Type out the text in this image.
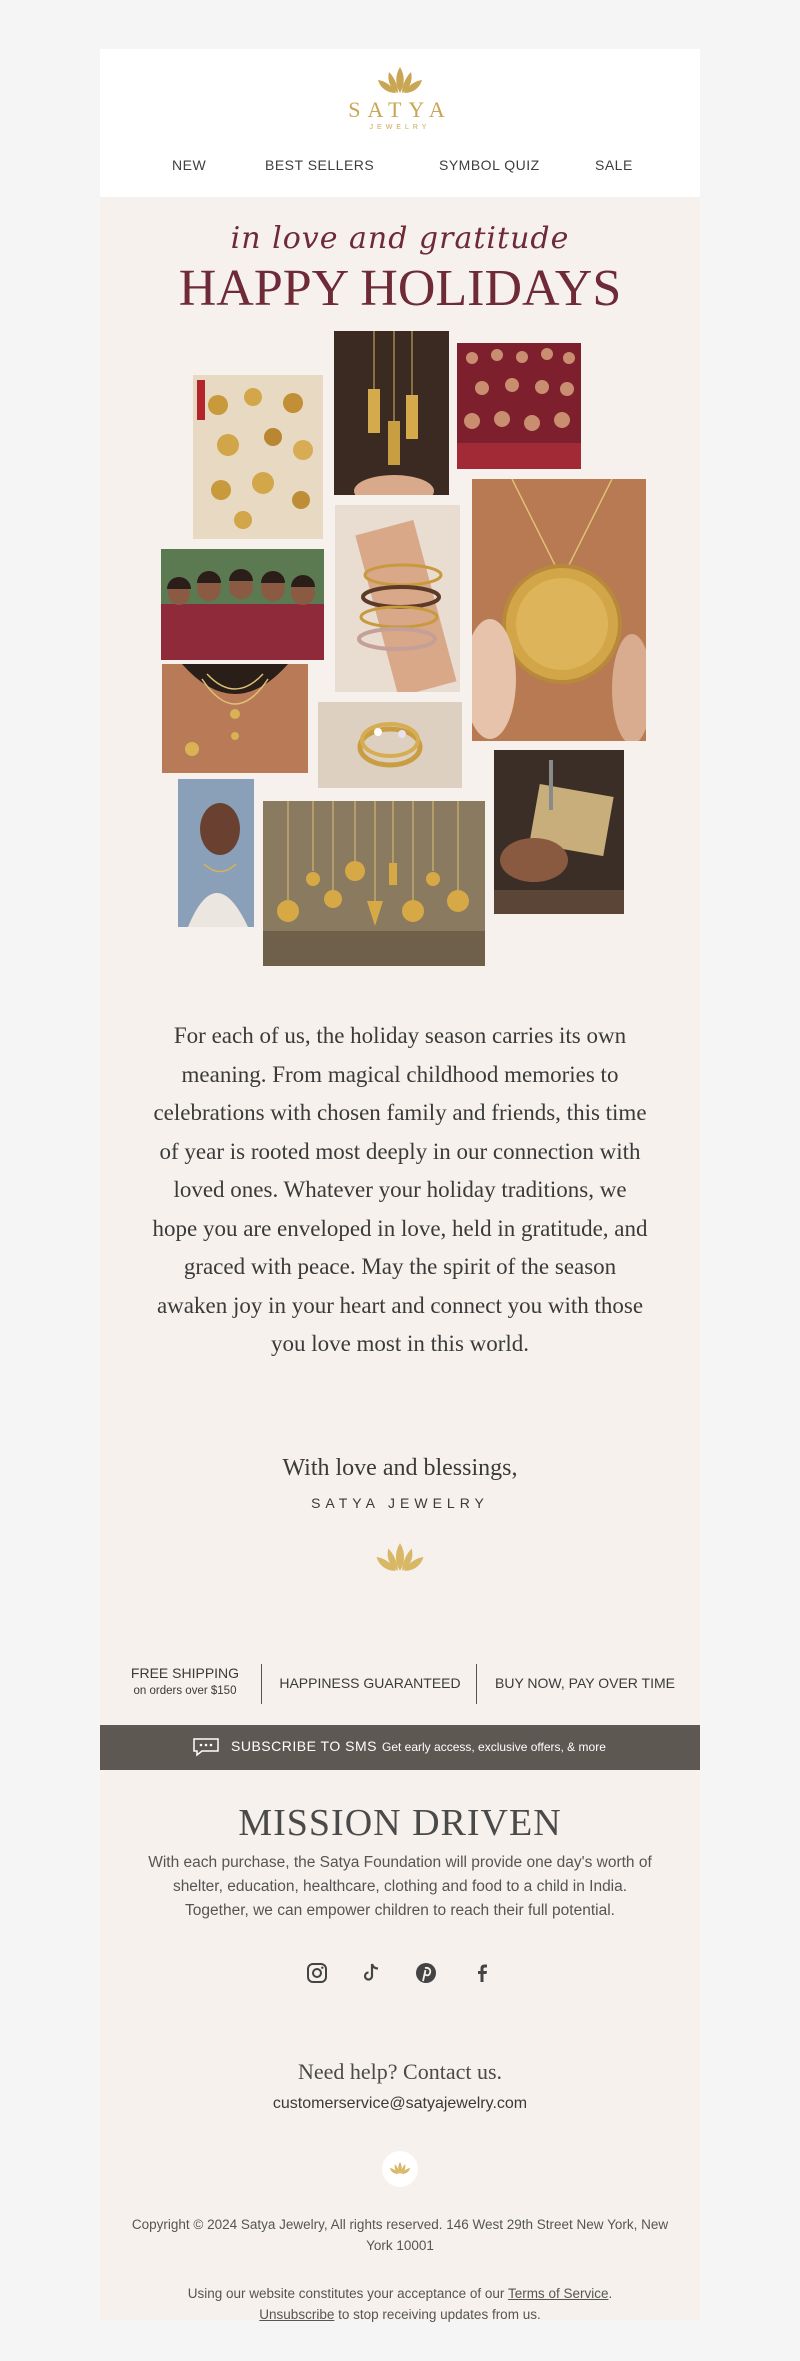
SATYA
JEWELRY
NEW	BEST SELLERS	SYMBOL QUIZ	SALE
in love and gratitude
HAPPY HOLIDAYS
For each of us, the holiday season carries its own meaning. From magical childhood memories to celebrations with chosen family and friends, this time of year is rooted most deeply in our connection with loved ones. Whatever your holiday traditions, we hope you are enveloped in love, held in gratitude, and graced with peace. May the spirit of the season awaken joy in your heart and connect you with those you love most in this world.
With love and blessings,
SATYA JEWELRY
FREE SHIPPING
on orders over $150	HAPPINESS GUARANTEED	BUY NOW, PAY OVER TIME
SUBSCRIBE TO SMS Get early access, exclusive offers, & more
MISSION DRIVEN
With each purchase, the Satya Foundation will provide one day's worth of shelter, education, healthcare, clothing and food to a child in India. Together, we can empower children to reach their full potential.
Need help? Contact us.
customerservice@satyajewelry.com
Copyright © 2024 Satya Jewelry, All rights reserved. 146 West 29th Street New York, New York 10001
Using our website constitutes your acceptance of our Terms of Service.
Unsubscribe to stop receiving updates from us.
